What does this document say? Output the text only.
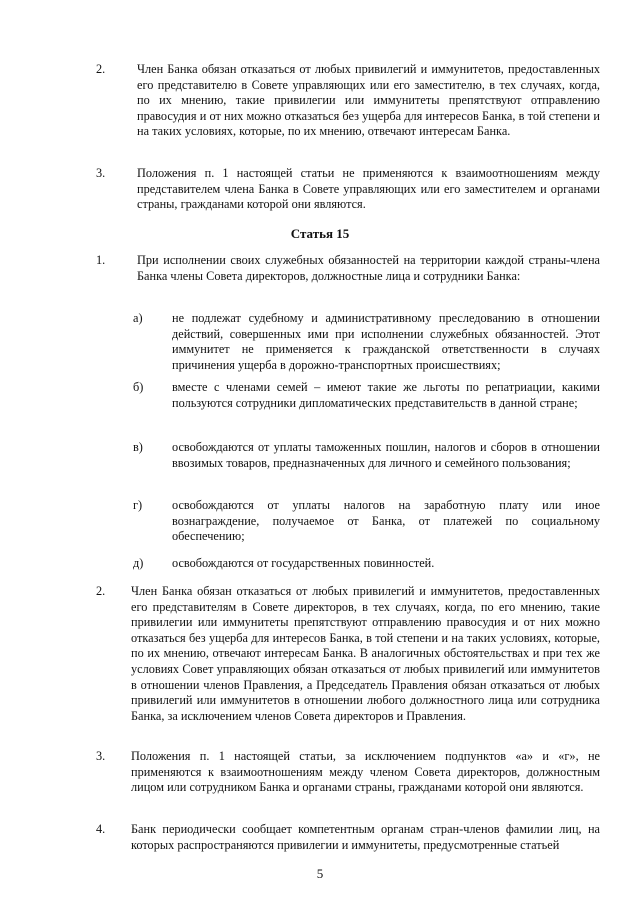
2.	Член Банка обязан отказаться от любых привилегий и иммунитетов, предоставленных его представителю в Совете управляющих или его заместителю, в тех случаях, когда, по их мнению, такие привилегии или иммунитеты препятствуют отправлению правосудия и от них можно отказаться без ущерба для интересов Банка, в той степени и на таких условиях, которые, по их мнению, отвечают интересам Банка.
3.	Положения п. 1 настоящей статьи не применяются к взаимоотношениям между представителем члена Банка в Совете управляющих или его заместителем и органами страны, гражданами которой они являются.
Статья 15
1.	При исполнении своих служебных обязанностей на территории каждой страны-члена Банка члены Совета директоров, должностные лица и сотрудники Банка:
а) не подлежат судебному и административному преследованию в отношении действий, совершенных ими при исполнении служебных обязанностей. Этот иммунитет не применяется к гражданской ответственности в случаях причинения ущерба в дорожно-транспортных происшествиях;
б) вместе с членами семей – имеют такие же льготы по репатриации, какими пользуются сотрудники дипломатических представительств в данной стране;
в) освобождаются от уплаты таможенных пошлин, налогов и сборов в отношении ввозимых товаров, предназначенных для личного и семейного пользования;
г) освобождаются от уплаты налогов на заработную плату или иное вознаграждение, получаемое от Банка, от платежей по социальному обеспечению;
д) освобождаются от государственных повинностей.
2. Член Банка обязан отказаться от любых привилегий и иммунитетов, предоставленных его представителям в Совете директоров, в тех случаях, когда, по его мнению, такие привилегии или иммунитеты препятствуют отправлению правосудия и от них можно отказаться без ущерба для интересов Банка, в той степени и на таких условиях, которые, по их мнению, отвечают интересам Банка. В аналогичных обстоятельствах и при тех же условиях Совет управляющих обязан отказаться от любых привилегий или иммунитетов в отношении членов Правления, а Председатель Правления обязан отказаться от любых привилегий или иммунитетов в отношении любого должностного лица или сотрудника Банка, за исключением членов Совета директоров и Правления.
3. Положения п. 1 настоящей статьи, за исключением подпунктов «а» и «г», не применяются к взаимоотношениям между членом Совета директоров, должностным лицом или сотрудником Банка и органами страны, гражданами которой они являются.
4. Банк периодически сообщает компетентным органам стран-членов фамилии лиц, на которых распространяются привилегии и иммунитеты, предусмотренные статьей
5
